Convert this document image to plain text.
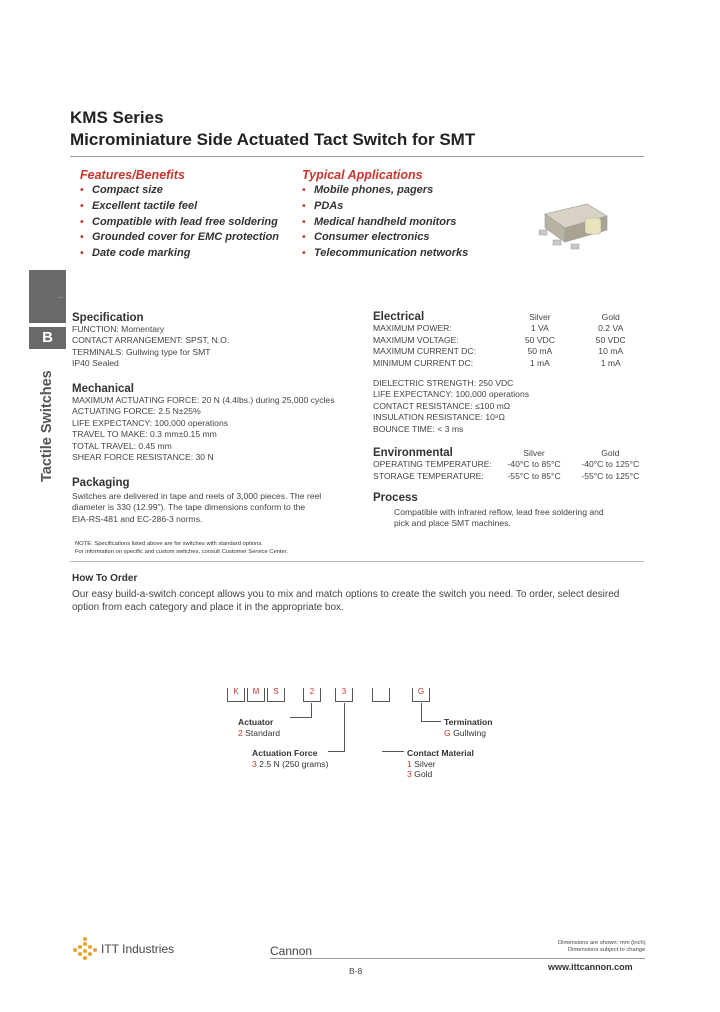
KMS Series
Microminiature Side Actuated Tact Switch for SMT
Features/Benefits
• Compact size
• Excellent tactile feel
• Compatible with lead free soldering
• Grounded cover for EMC protection
• Date code marking
Typical Applications
• Mobile phones, pagers
• PDAs
• Medical handheld monitors
• Consumer electronics
• Telecommunication networks
..
B
Tactile Switches
Specification
FUNCTION: Momentary
CONTACT ARRANGEMENT: SPST, N.O.
TERMINALS: Gullwing type for SMT
IP40 Sealed
Mechanical
MAXIMUM ACTUATING FORCE: 20 N (4.4lbs.) during 25,000 cycles
ACTUATING FORCE: 2.5 N±25%
LIFE EXPECTANCY: 100,000 operations
TRAVEL TO MAKE: 0.3 mm±0.15 mm
TOTAL TRAVEL: 0.45 mm
SHEAR FORCE RESISTANCE: 30 N
Packaging
Switches are delivered in tape and reels of 3,000 pieces. The reel
diameter is 330 (12.99"). The tape dimensions conform to the
EIA-RS-481 and EC-286-3 norms.
NOTE: Specifications listed above are for switches with standard options.
For information on specific and custom switches, consult Customer Service Center.
Electrical	Silver	Gold
MAXIMUM POWER:	1 VA	0.2 VA
MAXIMUM VOLTAGE:	50 VDC	50 VDC
MAXIMUM CURRENT DC:	50 mA	10 mA
MINIMUM CURRENT DC:	1 mA	1 mA
DIELECTRIC STRENGTH: 250 VDC
LIFE EXPECTANCY: 100,000 operations
CONTACT RESISTANCE: ≤100 mΩ
INSULATION RESISTANCE: 10⁸Ω
BOUNCE TIME: < 3 ms
Environmental	Silver	Gold
OPERATING TEMPERATURE:	-40°C to 85°C	-40°C to 125°C
STORAGE TEMPERATURE:	-55°C to 85°C	-55°C to 125°C
Process
Compatible with infrared reflow, lead free soldering and
pick and place SMT machines.
How To Order
Our easy build-a-switch concept allows you to mix and match options to create the switch you need. To order, select desired
option from each category and place it in the appropriate box.
K	M	S	2	3	G
Actuator
2 Standard
Actuation Force
3 2.5 N (250 grams)
Termination
G Gullwing
Contact Material
1 Silver
3 Gold
ITT Industries	Cannon
Dimensions are shown: mm (inch)
Dimensions subject to change
B-8	www.ittcannon.com
